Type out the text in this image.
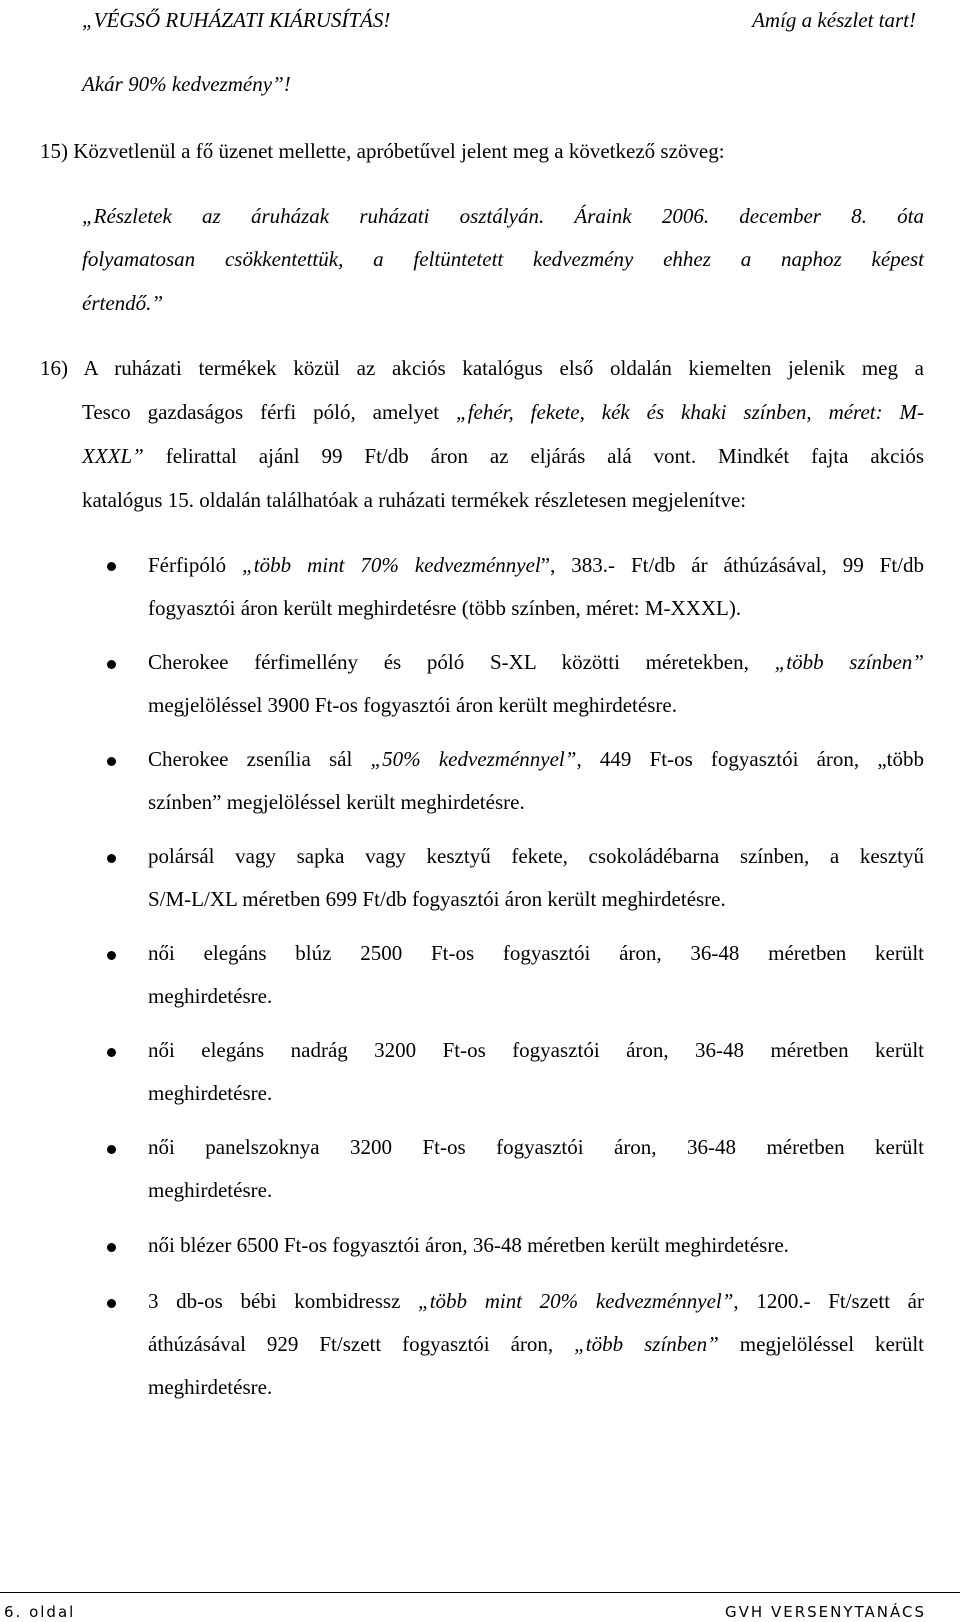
„VÉGSŐ RUHÁZATI KIÁRUSÍTÁS!	Amíg a készlet tart!
Akár 90% kedvezmény”!
15) Közvetlenül a fő üzenet mellette, apróbetűvel jelent meg a következő szöveg:
„Részletek az áruházak ruházati osztályán. Áraink 2006. december 8. óta
folyamatosan csökkentettük, a feltüntetett kedvezmény ehhez a naphoz képest
értendő.”
16) A ruházati termékek közül az akciós katalógus első oldalán kiemelten jelenik meg a
Tesco gazdaságos férfi póló, amelyet „fehér, fekete, kék és khaki színben, méret: M-
XXXL” felirattal ajánl 99 Ft/db áron az eljárás alá vont. Mindkét fajta akciós
katalógus 15. oldalán találhatóak a ruházati termékek részletesen megjelenítve:
Férfipóló „több mint 70% kedvezménnyel”, 383.- Ft/db ár áthúzásával, 99 Ft/db
fogyasztói áron került meghirdetésre (több színben, méret: M-XXXL).
Cherokee férfimellény és póló S-XL közötti méretekben, „több színben”
megjelöléssel 3900 Ft-os fogyasztói áron került meghirdetésre.
Cherokee zsenília sál „50% kedvezménnyel”, 449 Ft-os fogyasztói áron, „több
színben” megjelöléssel került meghirdetésre.
polársál vagy sapka vagy kesztyű fekete, csokoládébarna színben, a kesztyű
S/M-L/XL méretben 699 Ft/db fogyasztói áron került meghirdetésre.
női elegáns blúz 2500 Ft-os fogyasztói áron, 36-48 méretben került
meghirdetésre.
női elegáns nadrág 3200 Ft-os fogyasztói áron, 36-48 méretben került
meghirdetésre.
női panelszoknya 3200 Ft-os fogyasztói áron, 36-48 méretben került
meghirdetésre.
női blézer 6500 Ft-os fogyasztói áron, 36-48 méretben került meghirdetésre.
3 db-os bébi kombidressz „több mint 20% kedvezménnyel”, 1200.- Ft/szett ár
áthúzásával 929 Ft/szett fogyasztói áron, „több színben” megjelöléssel került
meghirdetésre.
6. oldal	GVH VERSENYTANÁCS
